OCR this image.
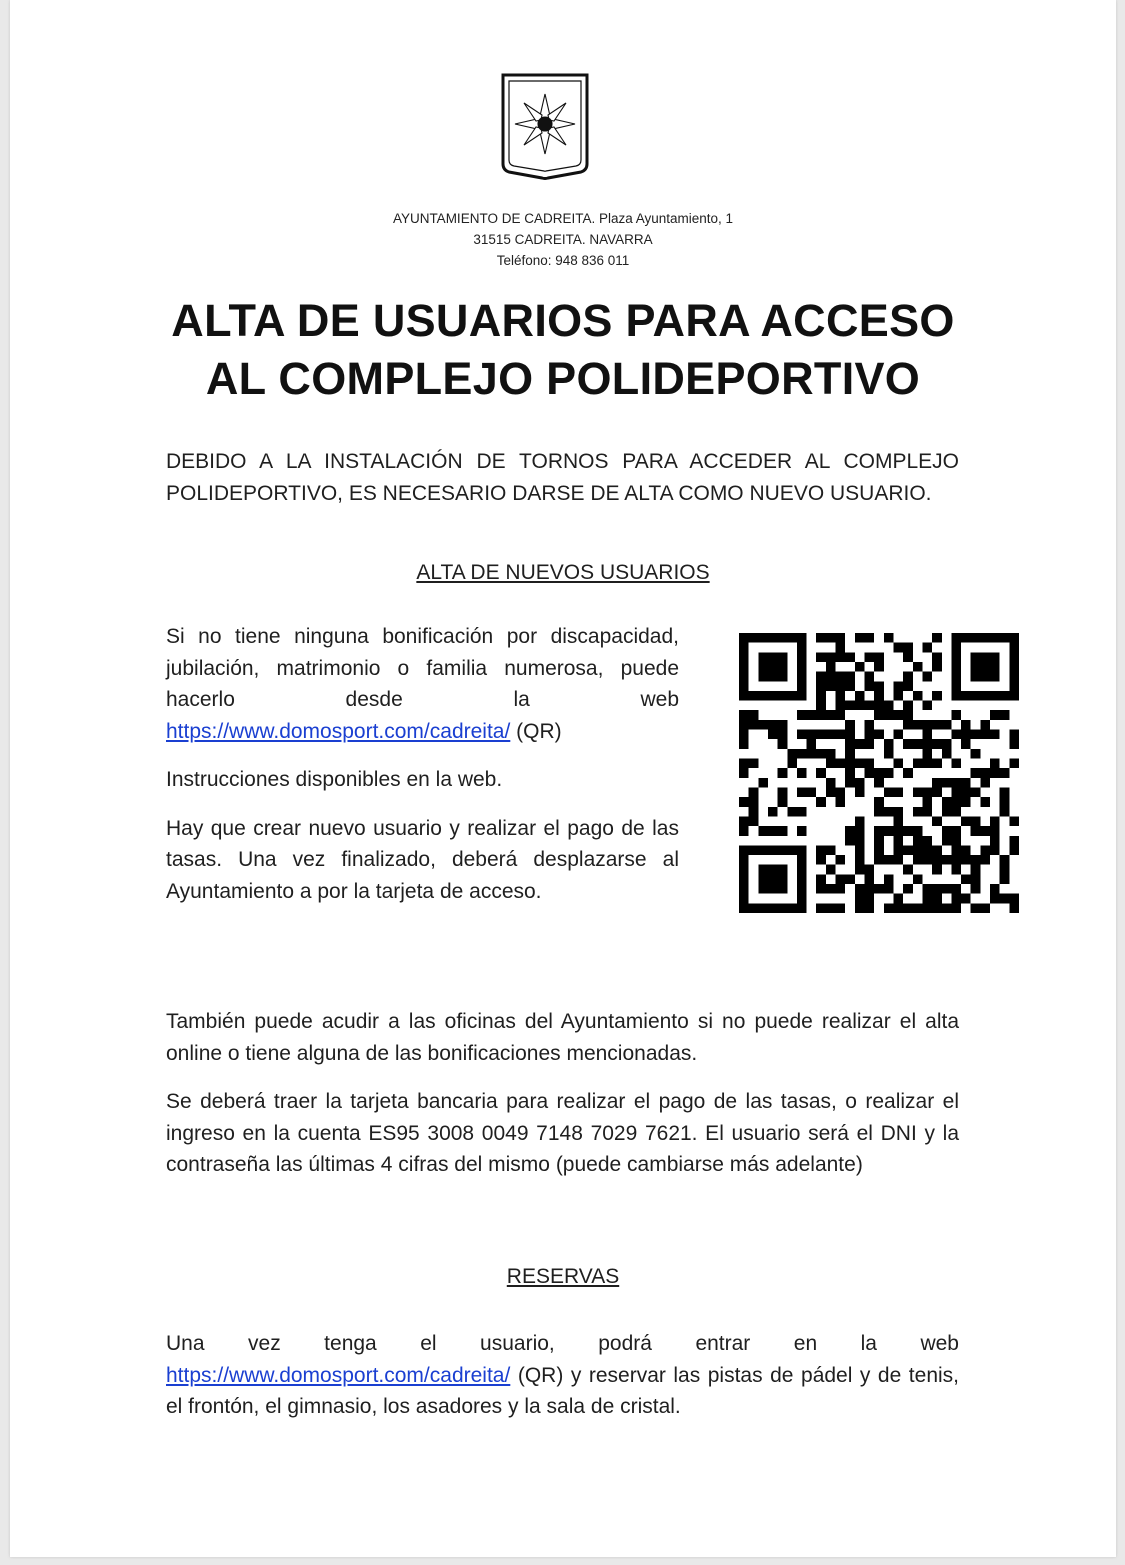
AYUNTAMIENTO DE CADREITA. Plaza Ayuntamiento, 1
31515 CADREITA. NAVARRA
Teléfono: 948 836 011
ALTA DE USUARIOS PARA ACCESO
AL COMPLEJO POLIDEPORTIVO

DEBIDO A LA INSTALACIÓN DE TORNOS PARA ACCEDER AL COMPLEJO POLIDEPORTIVO, ES NECESARIO DARSE DE ALTA COMO NUEVO USUARIO.

ALTA DE NUEVOS USUARIOS

Si no tiene ninguna bonificación por discapacidad, jubilación, matrimonio o familia numerosa, puede hacerlo desde la web https://www.domosport.com/cadreita/ (QR)

Instrucciones disponibles en la web.

Hay que crear nuevo usuario y realizar el pago de las tasas. Una vez finalizado, deberá desplazarse al Ayuntamiento a por la tarjeta de acceso.

También puede acudir a las oficinas del Ayuntamiento si no puede realizar el alta online o tiene alguna de las bonificaciones mencionadas.

Se deberá traer la tarjeta bancaria para realizar el pago de las tasas, o realizar el ingreso en la cuenta ES95 3008 0049 7148 7029 7621. El usuario será el DNI y la contraseña las últimas 4 cifras del mismo (puede cambiarse más adelante)

RESERVAS

Una vez tenga el usuario, podrá entrar en la web https://www.domosport.com/cadreita/ (QR) y reservar las pistas de pádel y de tenis, el frontón, el gimnasio, los asadores y la sala de cristal.
